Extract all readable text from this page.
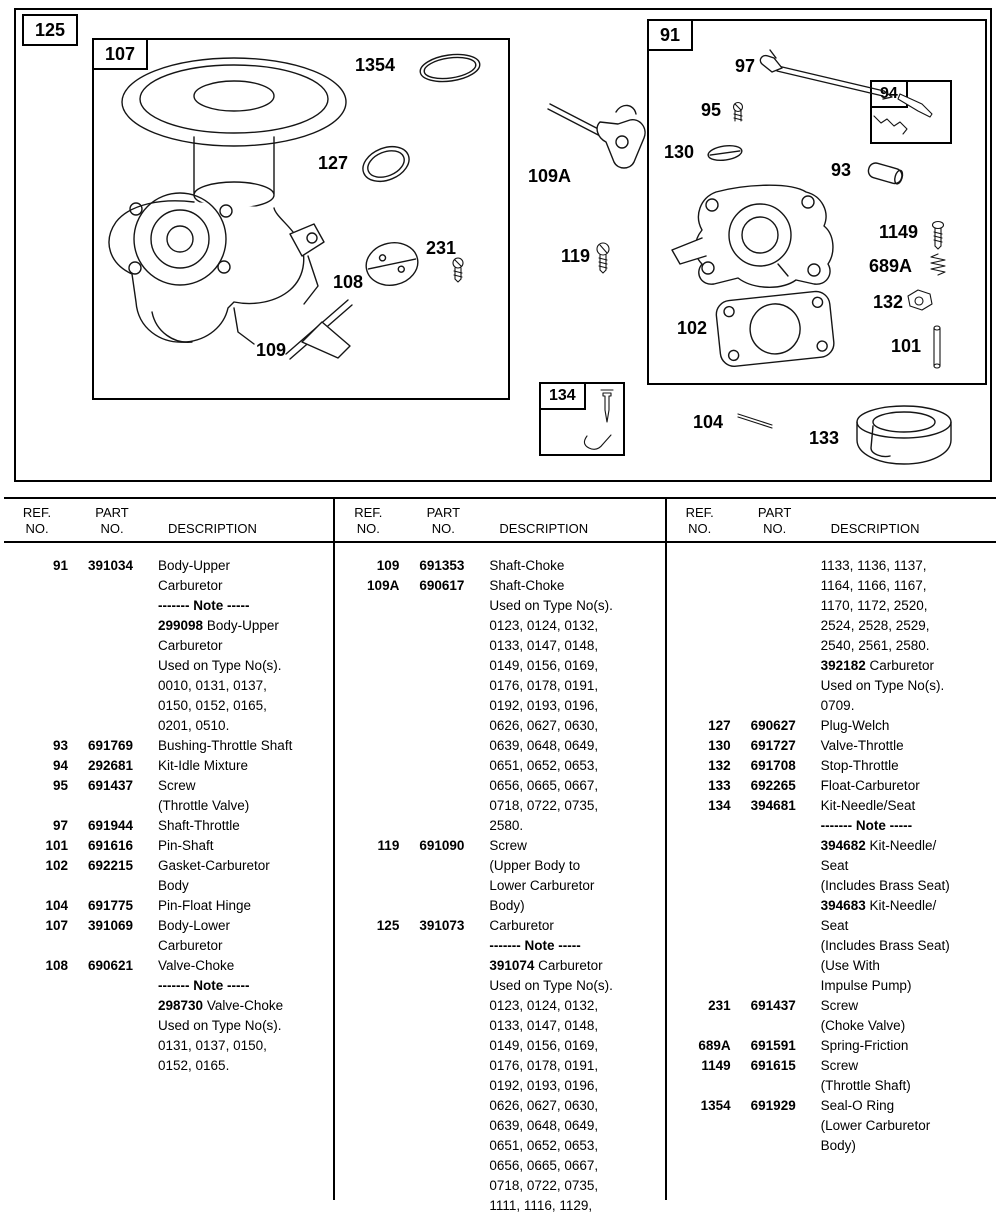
125
107
91
94
134
1354
127
231
108
109
109A
119
97
95
130
93
1149
689A
132
101
102
104
133
REF.
NO.
PART
NO.	DESCRIPTION
91	391034	Body-Upper
Carburetor
------- Note -----
299098 Body-Upper
Carburetor
Used on Type No(s).
0010, 0131, 0137,
0150, 0152, 0165,
0201, 0510.
93	691769	Bushing-Throttle Shaft
94	292681	Kit-Idle Mixture
95	691437	Screw
(Throttle Valve)
97	691944	Shaft-Throttle
101	691616	Pin-Shaft
102	692215	Gasket-Carburetor
Body
104	691775	Pin-Float Hinge
107	391069	Body-Lower
Carburetor
108	690621	Valve-Choke
------- Note -----
298730 Valve-Choke
Used on Type No(s).
0131, 0137, 0150,
0152, 0165.
REF.
NO.
PART
NO.	DESCRIPTION
109	691353	Shaft-Choke
109A	690617	Shaft-Choke
Used on Type No(s).
0123, 0124, 0132,
0133, 0147, 0148,
0149, 0156, 0169,
0176, 0178, 0191,
0192, 0193, 0196,
0626, 0627, 0630,
0639, 0648, 0649,
0651, 0652, 0653,
0656, 0665, 0667,
0718, 0722, 0735,
2580.
119	691090	Screw
(Upper Body to
Lower Carburetor
Body)
125	391073	Carburetor
------- Note -----
391074 Carburetor
Used on Type No(s).
0123, 0124, 0132,
0133, 0147, 0148,
0149, 0156, 0169,
0176, 0178, 0191,
0192, 0193, 0196,
0626, 0627, 0630,
0639, 0648, 0649,
0651, 0652, 0653,
0656, 0665, 0667,
0718, 0722, 0735,
1111, 1116, 1129,
REF.
NO.
PART
NO.	DESCRIPTION
1133, 1136, 1137,
1164, 1166, 1167,
1170, 1172, 2520,
2524, 2528, 2529,
2540, 2561, 2580.
392182 Carburetor
Used on Type No(s).
0709.
127	690627	Plug-Welch
130	691727	Valve-Throttle
132	691708	Stop-Throttle
133	692265	Float-Carburetor
134	394681	Kit-Needle/Seat
------- Note -----
394682 Kit-Needle/
Seat
(Includes Brass Seat)
394683 Kit-Needle/
Seat
(Includes Brass Seat)
(Use With
Impulse Pump)
231	691437	Screw
(Choke Valve)
689A	691591	Spring-Friction
1149	691615	Screw
(Throttle Shaft)
1354	691929	Seal-O Ring
(Lower Carburetor
Body)
